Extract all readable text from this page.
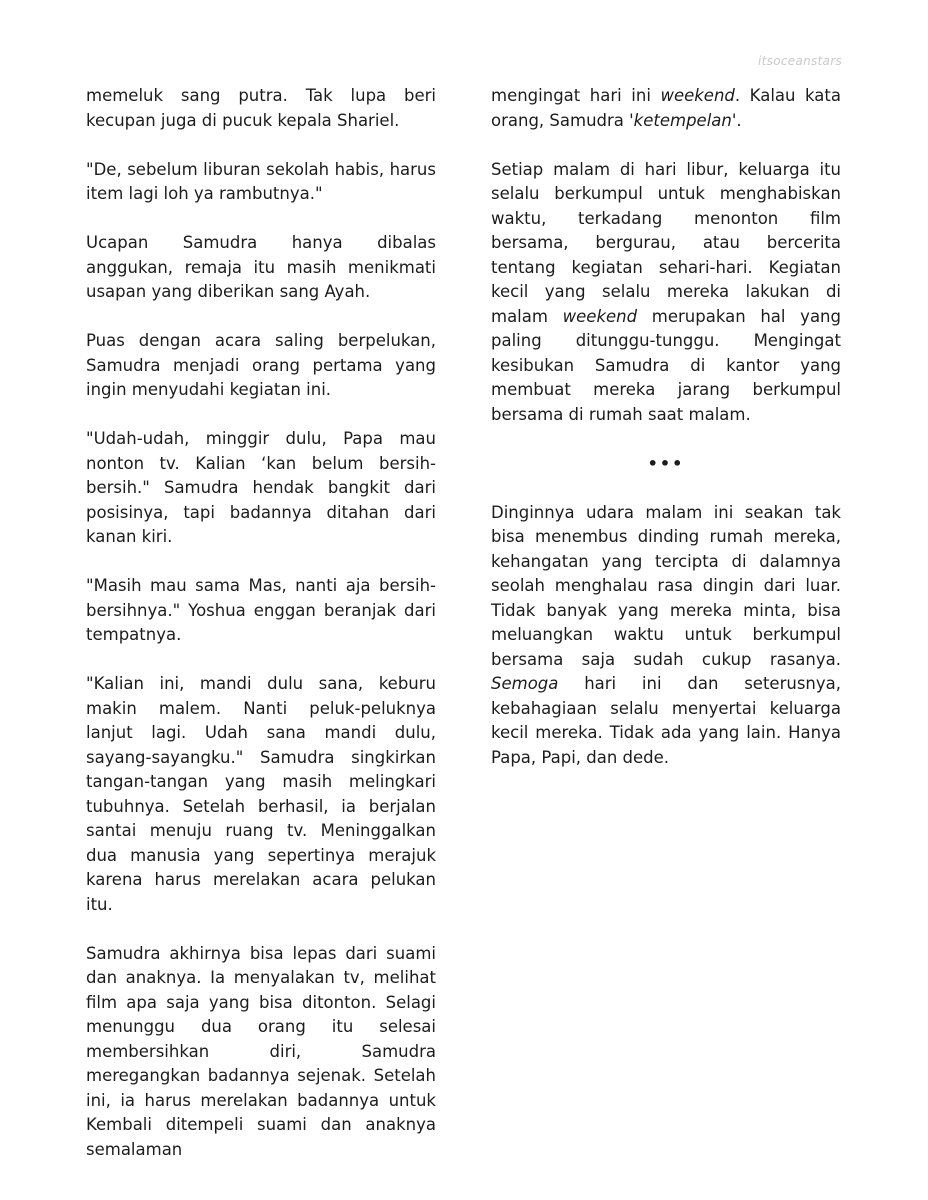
itsoceanstars

memeluk sang putra. Tak lupa beri kecupan juga di pucuk kepala Shariel.

"De, sebelum liburan sekolah habis, harus item lagi loh ya rambutnya."

Ucapan Samudra hanya dibalas anggukan, remaja itu masih menikmati usapan yang diberikan sang Ayah.

Puas dengan acara saling berpelukan, Samudra menjadi orang pertama yang ingin menyudahi kegiatan ini.

"Udah-udah, minggir dulu, Papa mau nonton tv. Kalian ‘kan belum bersih-bersih." Samudra hendak bangkit dari posisinya, tapi badannya ditahan dari kanan kiri.

"Masih mau sama Mas, nanti aja bersih-bersihnya." Yoshua enggan beranjak dari tempatnya.

"Kalian ini, mandi dulu sana, keburu makin malem. Nanti peluk-peluknya lanjut lagi. Udah sana mandi dulu, sayang-sayangku." Samudra singkirkan tangan-tangan yang masih melingkari tubuhnya. Setelah berhasil, ia berjalan santai menuju ruang tv. Meninggalkan dua manusia yang sepertinya merajuk karena harus merelakan acara pelukan itu.

Samudra akhirnya bisa lepas dari suami dan anaknya. Ia menyalakan tv, melihat film apa saja yang bisa ditonton. Selagi menunggu dua orang itu selesai membersihkan diri, Samudra meregangkan badannya sejenak. Setelah ini, ia harus merelakan badannya untuk Kembali ditempeli suami dan anaknya semalaman

mengingat hari ini weekend. Kalau kata orang, Samudra 'ketempelan'.

Setiap malam di hari libur, keluarga itu selalu berkumpul untuk menghabiskan waktu, terkadang menonton film bersama, bergurau, atau bercerita tentang kegiatan sehari-hari. Kegiatan kecil yang selalu mereka lakukan di malam weekend merupakan hal yang paling ditunggu-tunggu. Mengingat kesibukan Samudra di kantor yang membuat mereka jarang berkumpul bersama di rumah saat malam.

•••

Dinginnya udara malam ini seakan tak bisa menembus dinding rumah mereka, kehangatan yang tercipta di dalamnya seolah menghalau rasa dingin dari luar. Tidak banyak yang mereka minta, bisa meluangkan waktu untuk berkumpul bersama saja sudah cukup rasanya. Semoga hari ini dan seterusnya, kebahagiaan selalu menyertai keluarga kecil mereka. Tidak ada yang lain. Hanya Papa, Papi, dan dede.
